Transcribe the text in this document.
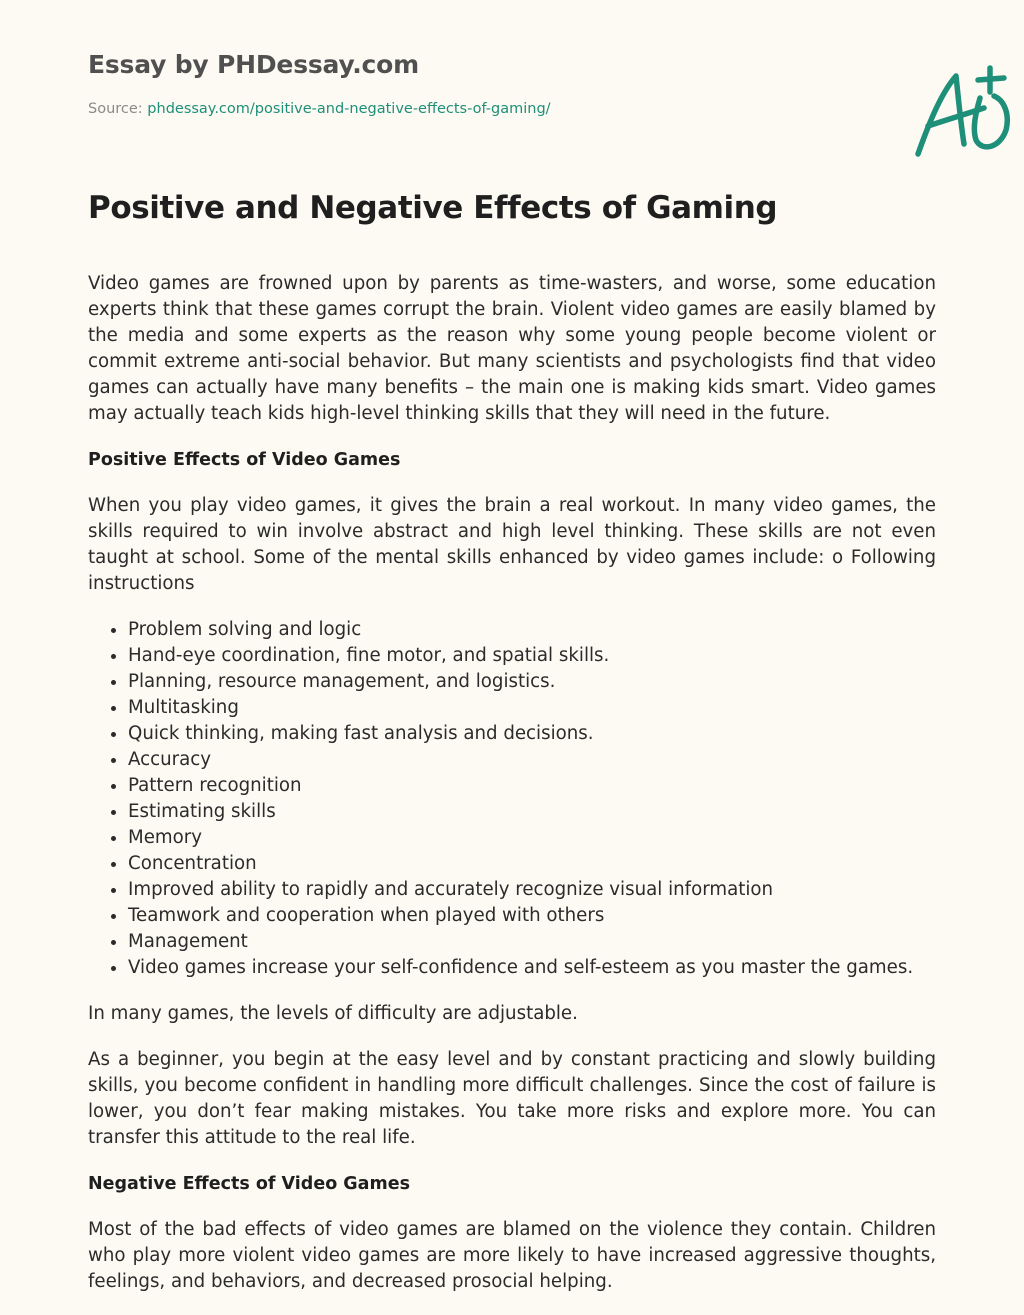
Essay by PHDessay.com
Source: phdessay.com/positive-and-negative-effects-of-gaming/
Positive and Negative Effects of Gaming

Video games are frowned upon by parents as time-wasters, and worse, some education experts think that these games corrupt the brain. Violent video games are easily blamed by the media and some experts as the reason why some young people become violent or commit extreme anti-social behavior. But many scientists and psychologists find that video games can actually have many benefits – the main one is making kids smart. Video games may actually teach kids high-level thinking skills that they will need in the future.

Positive Effects of Video Games

When you play video games, it gives the brain a real workout. In many video games, the skills required to win involve abstract and high level thinking. These skills are not even taught at school. Some of the mental skills enhanced by video games include: o Following instructions

• Problem solving and logic
• Hand-eye coordination, fine motor, and spatial skills.
• Planning, resource management, and logistics.
• Multitasking
• Quick thinking, making fast analysis and decisions.
• Accuracy
• Pattern recognition
• Estimating skills
• Memory
• Concentration
• Improved ability to rapidly and accurately recognize visual information
• Teamwork and cooperation when played with others
• Management
• Video games increase your self-confidence and self-esteem as you master the games.

In many games, the levels of difficulty are adjustable.

As a beginner, you begin at the easy level and by constant practicing and slowly building skills, you become confident in handling more difficult challenges. Since the cost of failure is lower, you don’t fear making mistakes. You take more risks and explore more. You can transfer this attitude to the real life.

Negative Effects of Video Games

Most of the bad effects of video games are blamed on the violence they contain. Children who play more violent video games are more likely to have increased aggressive thoughts, feelings, and behaviors, and decreased prosocial helping.
